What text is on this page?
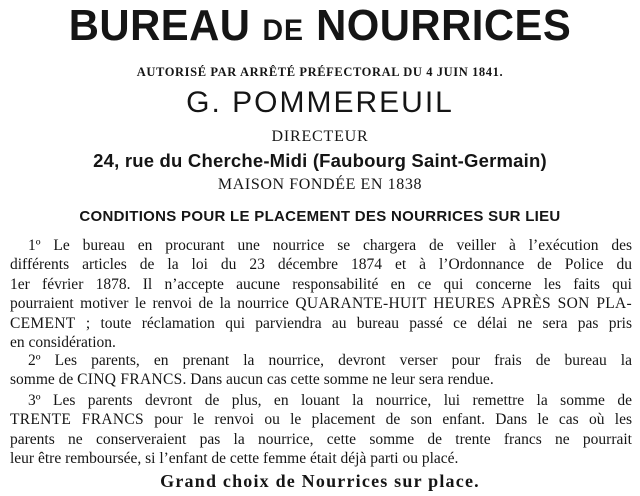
BUREAU DE NOURRICES
AUTORISÉ PAR ARRÊTÉ PRÉFECTORAL DU 4 JUIN 1841.
G. POMMEREUIL
DIRECTEUR
24, rue du Cherche-Midi (Faubourg Saint-Germain)
MAISON FONDÉE EN 1838
CONDITIONS POUR LE PLACEMENT DES NOURRICES SUR LIEU
1º Le bureau en procurant une nourrice se chargera de veiller à l’exécution des
différents articles de la loi du 23 décembre 1874 et à l’Ordonnance de Police du
1er février 1878. Il n’accepte aucune responsabilité en ce qui concerne les faits qui
pourraient motiver le renvoi de la nourrice QUARANTE-HUIT HEURES APRÈS SON PLA-
CEMENT ; toute réclamation qui parviendra au bureau passé ce délai ne sera pas pris
en considération.
2º Les parents, en prenant la nourrice, devront verser pour frais de bureau la
somme de CINQ FRANCS. Dans aucun cas cette somme ne leur sera rendue.
3º Les parents devront de plus, en louant la nourrice, lui remettre la somme de
TRENTE FRANCS pour le renvoi ou le placement de son enfant. Dans le cas où les
parents ne conserveraient pas la nourrice, cette somme de trente francs ne pourrait
leur être remboursée, si l’enfant de cette femme était déjà parti ou placé.
Grand choix de Nourrices sur place.
